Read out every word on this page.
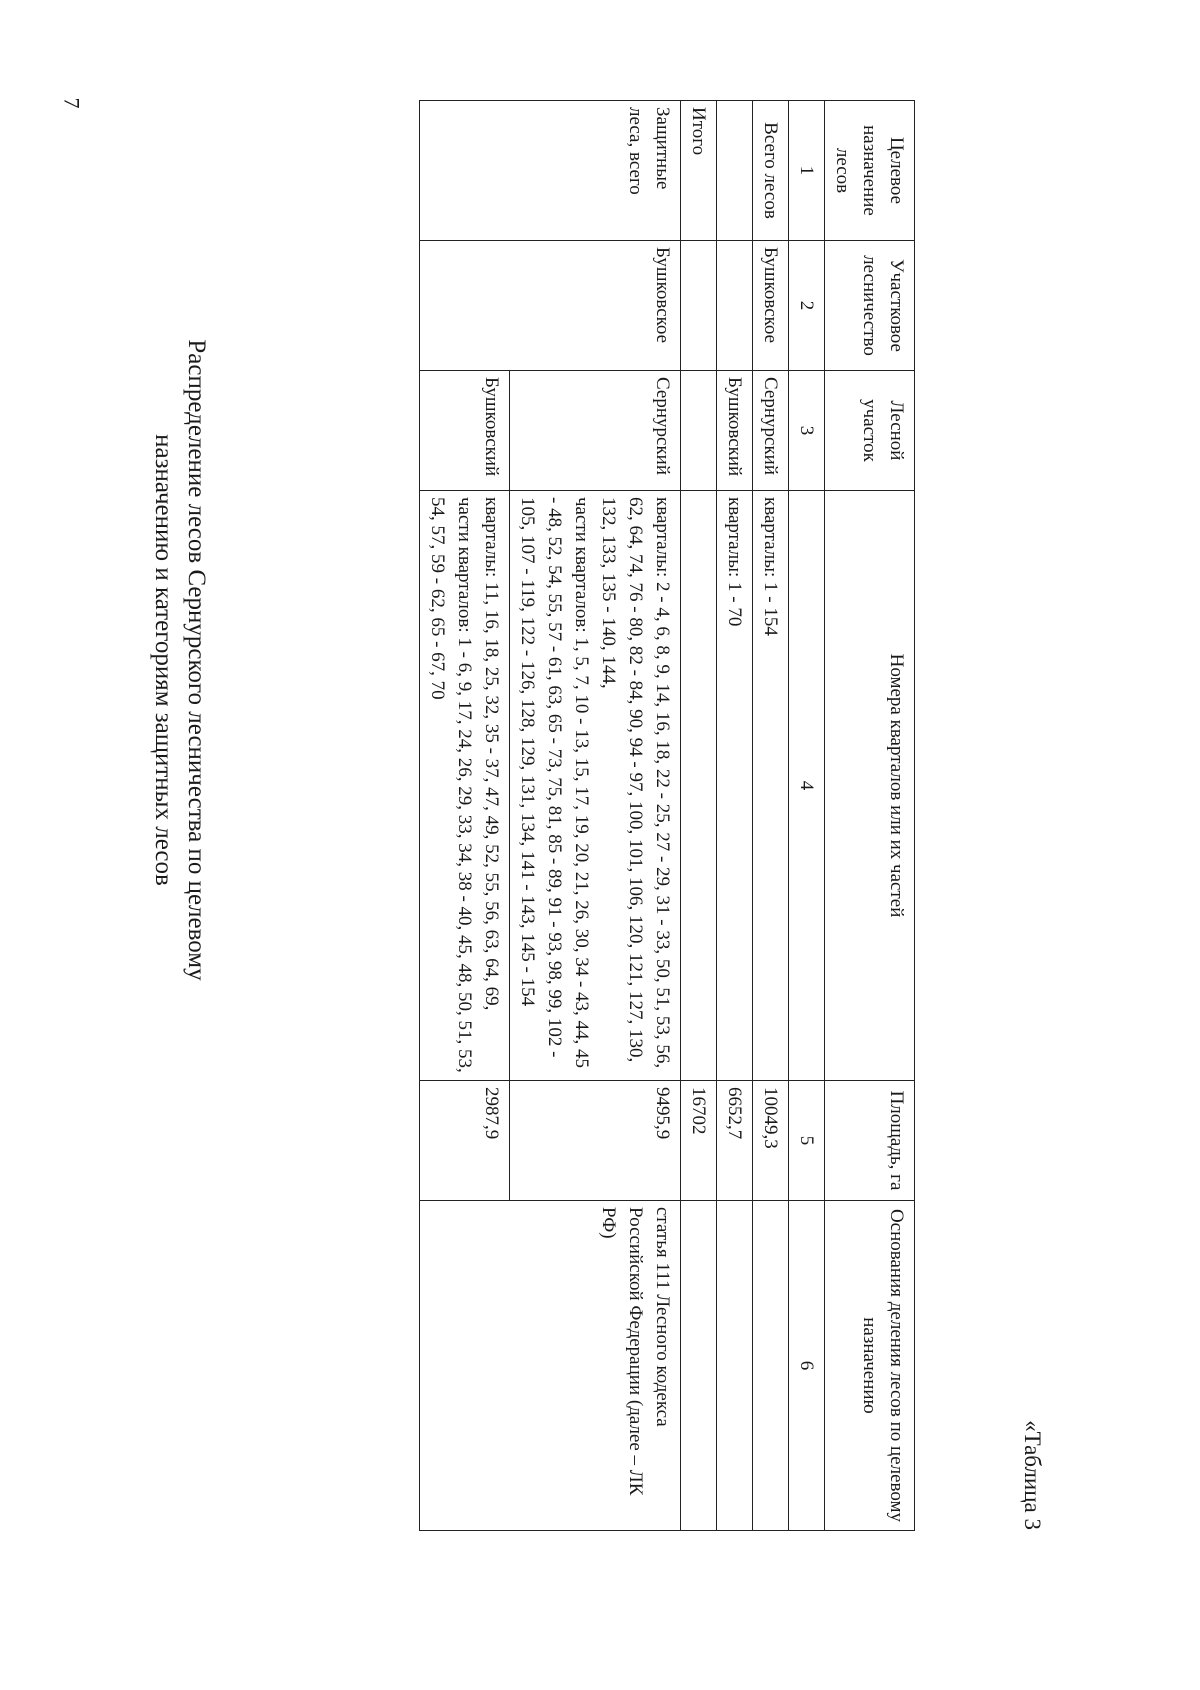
7
«Таблица 3
Распределение лесов Сернурского лесничества по целевому
назначению и категориям защитных лесов
Защитные леса, всего	Бушковское	Бушковский	кварталы: 11, 16, 18, 25, 32, 35 - 37, 47, 49, 52, 55, 56, 63, 64, 69,
части кварталов: 1 - 6, 9, 17, 24, 26, 29, 33, 34, 38 - 40, 45, 48, 50, 51, 53, 54, 57, 59 - 62, 65 - 67, 70	2987,9	статья 111 Лесного кодекса Российской Федерации (далее – ЛК РФ)
		Сернурский	кварталы: 2 - 4, 6, 8, 9, 14, 16, 18, 22 - 25, 27 - 29, 31 - 33, 50, 51, 53, 56, 62, 64, 74, 76 - 80, 82 - 84, 90, 94 - 97, 100, 101, 106, 120, 121, 127, 130, 132, 133, 135 - 140, 144,
части кварталов: 1, 5, 7, 10 - 13, 15, 17, 19, 20, 21, 26, 30, 34 - 43, 44, 45 - 48, 52, 54, 55, 57 - 61, 63, 65 - 73, 75, 81, 85 - 89, 91 - 93, 98, 99, 102 - 105, 107 - 119, 122 - 126, 128, 129, 131, 134, 141 - 143, 145 - 154	9495,9	
Итого				16702	
		Бушковский	кварталы: 1 - 70	6652,7	
Всего лесов	Бушковское	Сернурский	кварталы: 1 - 154	10049,3	
1	2	3	4	5	6
Целевое назначение лесов	Участковое лесничество	Лесной участок	Номера кварталов или их частей	Площадь, га	Основания деления лесов по целевому назначению
